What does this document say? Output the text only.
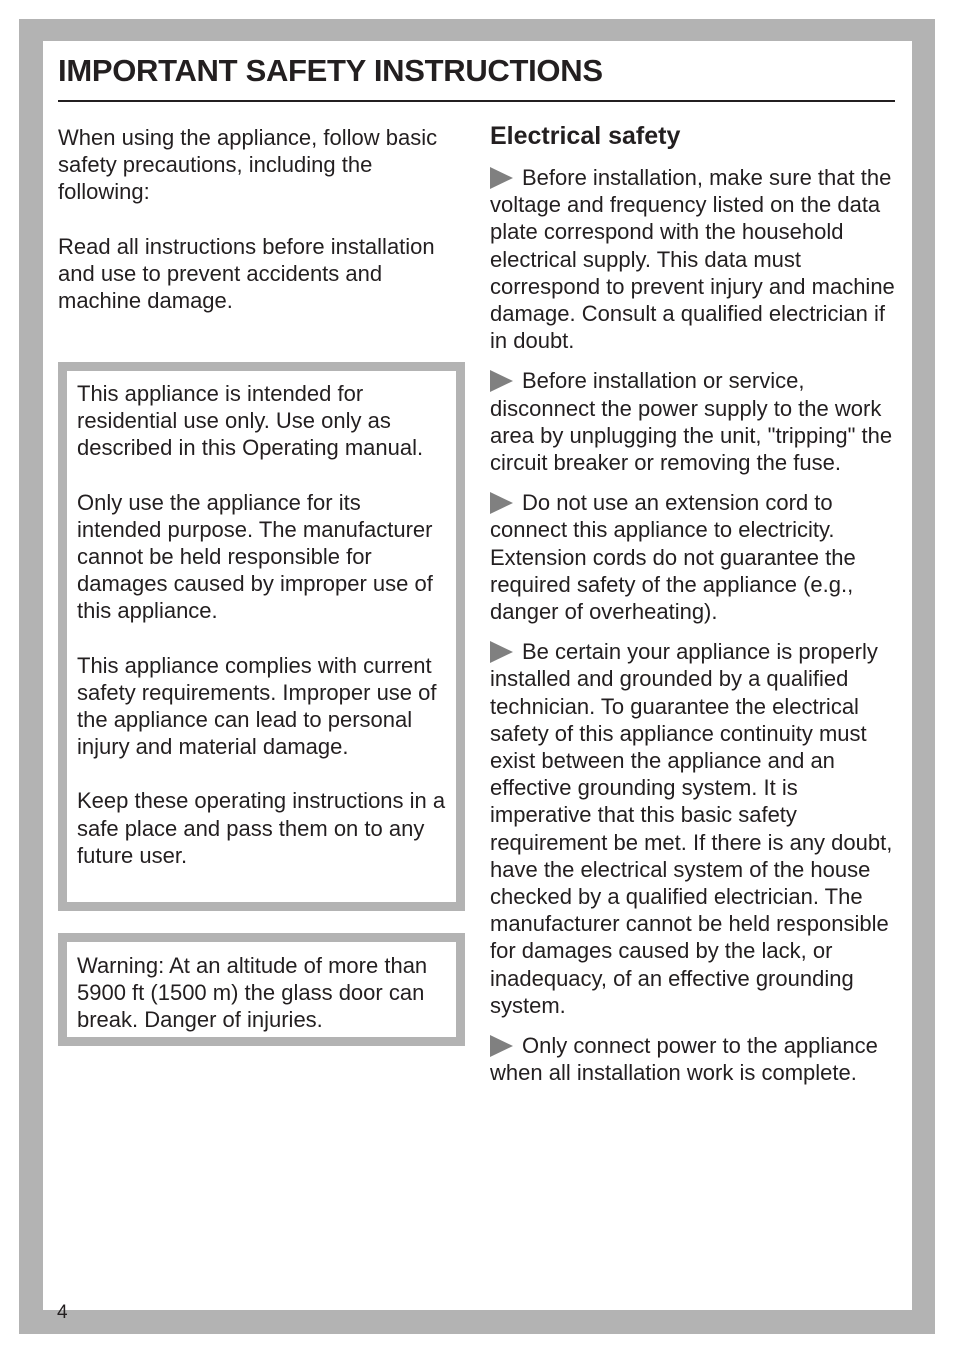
IMPORTANT SAFETY INSTRUCTIONS

When using the appliance, follow basic safety precautions, including the following:

Read all instructions before installation and use to prevent accidents and machine damage.

This appliance is intended for residential use only. Use only as described in this Operating manual.

Only use the appliance for its intended purpose. The manufacturer cannot be held responsible for damages caused by improper use of this appliance.

This appliance complies with current safety requirements. Improper use of the appliance can lead to personal injury and material damage.

Keep these operating instructions in a safe place and pass them on to any future user.

Warning: At an altitude of more than 5900 ft (1500 m) the glass door can break. Danger of injuries.

Electrical safety

Before installation, make sure that the voltage and frequency listed on the data plate correspond with the household electrical supply. This data must correspond to prevent injury and machine damage. Consult a qualified electrician if in doubt.

Before installation or service, disconnect the power supply to the work area by unplugging the unit, "tripping" the circuit breaker or removing the fuse.

Do not use an extension cord to connect this appliance to electricity. Extension cords do not guarantee the required safety of the appliance (e.g., danger of overheating).

Be certain your appliance is properly installed and grounded by a qualified technician. To guarantee the electrical safety of this appliance continuity must exist between the appliance and an effective grounding system. It is imperative that this basic safety requirement be met. If there is any doubt, have the electrical system of the house checked by a qualified electrician. The manufacturer cannot be held responsible for damages caused by the lack, or inadequacy, of an effective grounding system.

Only connect power to the appliance when all installation work is complete.

4
